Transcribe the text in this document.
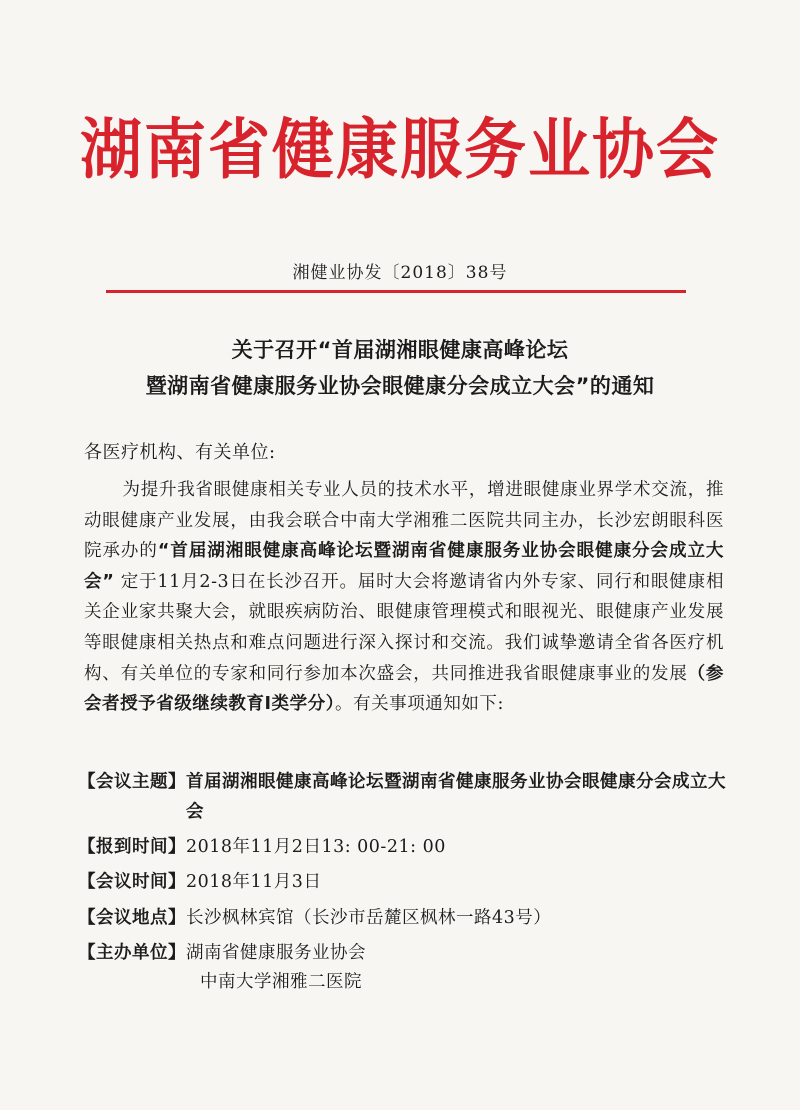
湖南省健康服务业协会
湘健业协发〔2018〕38号
关于召开“首届湖湘眼健康高峰论坛
暨湖南省健康服务业协会眼健康分会成立大会”的通知
各医疗机构、有关单位:
为提升我省眼健康相关专业人员的技术水平，增进眼健康业界学术交流，推动眼健康产业发展，由我会联合中南大学湘雅二医院共同主办，长沙宏朗眼科医院承办的“首届湖湘眼健康高峰论坛暨湖南省健康服务业协会眼健康分会成立大会” 定于11月2-3日在长沙召开。届时大会将邀请省内外专家、同行和眼健康相关企业家共聚大会，就眼疾病防治、眼健康管理模式和眼视光、眼健康产业发展等眼健康相关热点和难点问题进行深入探讨和交流。我们诚挚邀请全省各医疗机构、有关单位的专家和同行参加本次盛会，共同推进我省眼健康事业的发展（参会者授予省级继续教育Ⅰ类学分）。有关事项通知如下:
【会议主题】 首届湖湘眼健康高峰论坛暨湖南省健康服务业协会眼健康分会成立大会
【报到时间】 2018年11月2日13: 00-21: 00
【会议时间】 2018年11月3日
【会议地点】 长沙枫林宾馆（长沙市岳麓区枫林一路43号）
【主办单位】 湖南省健康服务业协会
中南大学湘雅二医院
